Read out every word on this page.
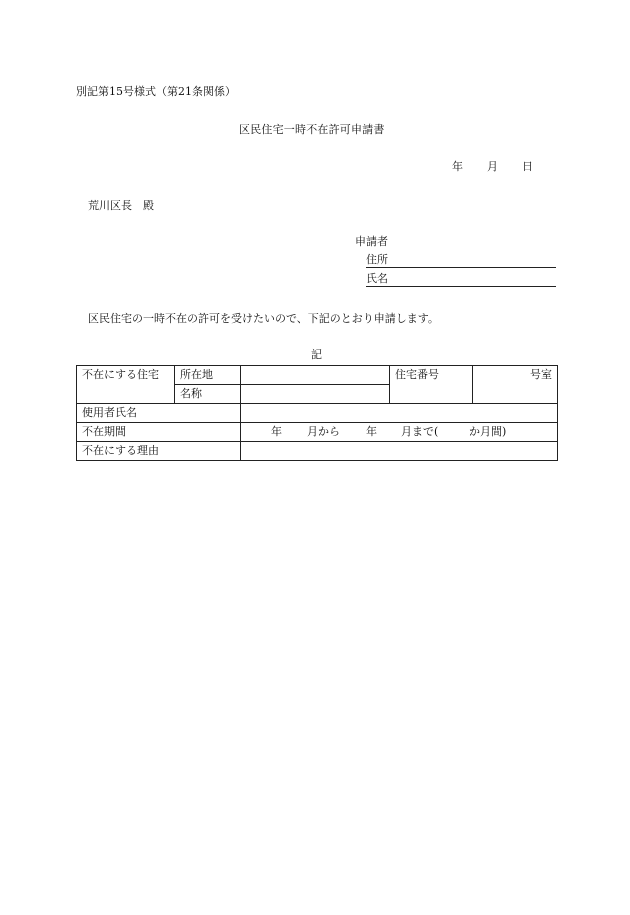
別記第15号様式（第21条関係）
区民住宅一時不在許可申請書
年 月 日
荒川区長　殿
申請者
住所
氏名
区民住宅の一時不在の許可を受けたいので、下記のとおり申請します。
記
不在にする住宅	所在地		住宅番号	号室
	名称			
使用者氏名				
不在期間		年 月から 年 月まで( か月間)		

不在にする理由				
